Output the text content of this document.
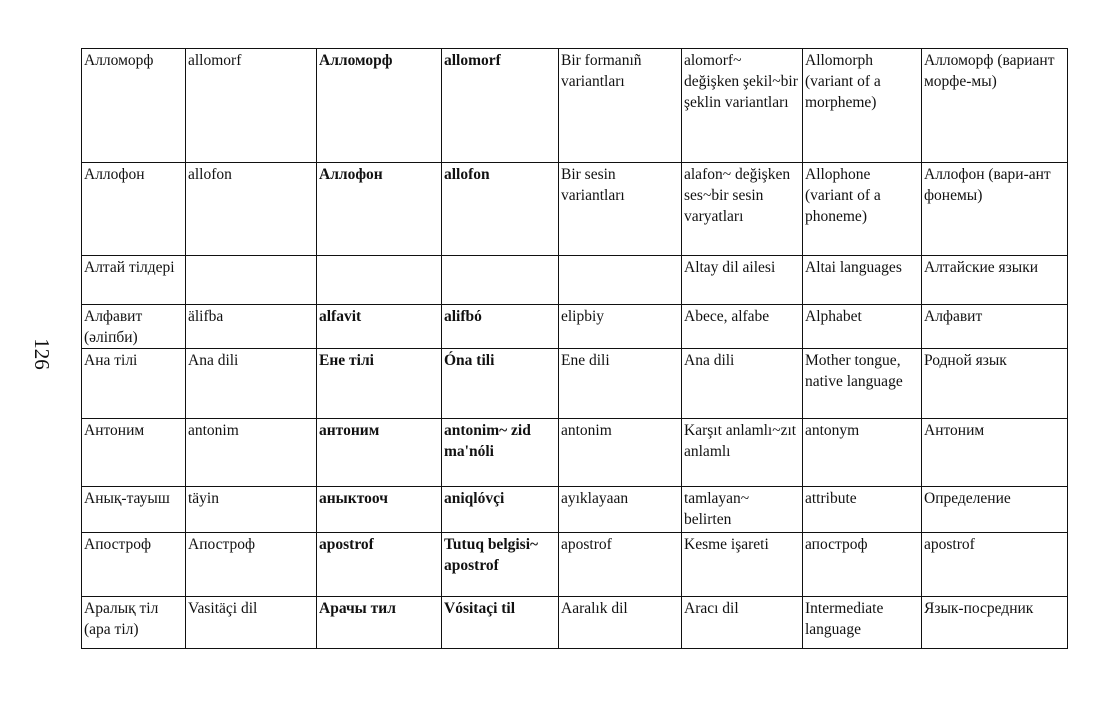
126
Алломорф	allomorf	Алломорф	allomorf	Bir formanıñ variantları	alomorf~ değişken şekil~bir şeklin variantları	Allomorph (variant of a morpheme)	Алломорф (вариант морфе-мы)
Аллофон	allofon	Аллофон	allofon	Bir sesin variantları	alafon~ değişken ses~bir sesin varyatları	Allophone (variant of a phoneme)	Аллофон (вари-ант фонемы)
Алтай тілдері					Altay dil ailesi	Altai languages	Алтайские языки
Алфавит (әліпби)	älifba	alfavit	alifbó	elipbiy	Abece, alfabe	Alphabet	Алфавит
Ана тілі	Ana dili	Ене тілі	Óna tili	Ene dili	Ana dili	Mother tongue, native language	Родной язык
Антоним	antonim	антоним	antonim~ zid ma'nóli	antonim	Karşıt anlamlı~zıt anlamlı	antonym	Антоним
Анық-тауыш	täyin	аныктооч	aniqlóvçi	ayıklayaan	tamlayan~ belirten	attribute	Определение
Апостроф	Апостроф	apostrof	Tutuq belgisi~ apostrof	apostrof	Kesme işareti	апостроф	apostrof
Аралық тіл (ара тіл)	Vasitäçi dil	Арачы тил	Vósitaçi til	Aaralık dil	Aracı dil	Intermediate language	Язык-посредник
